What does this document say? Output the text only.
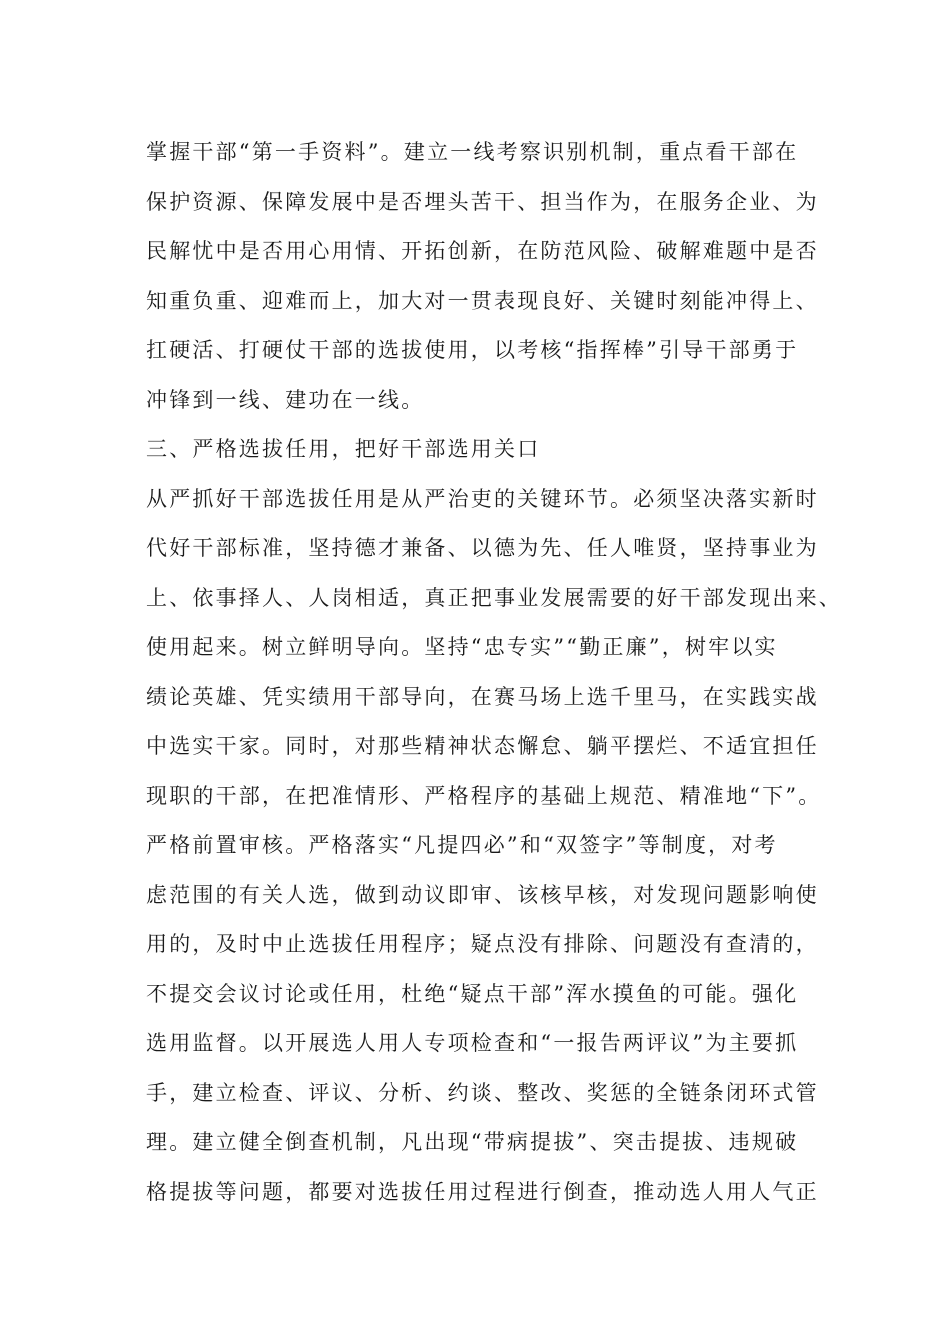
掌握干部“第一手资料”。建立一线考察识别机制，重点看干部在
保护资源、保障发展中是否埋头苦干、担当作为，在服务企业、为
民解忧中是否用心用情、开拓创新，在防范风险、破解难题中是否
知重负重、迎难而上，加大对一贯表现良好、关键时刻能冲得上、
扛硬活、打硬仗干部的选拔使用，以考核“指挥棒”引导干部勇于
冲锋到一线、建功在一线。
三、严格选拔任用，把好干部选用关口
从严抓好干部选拔任用是从严治吏的关键环节。必须坚决落实新时
代好干部标准，坚持德才兼备、以德为先、任人唯贤，坚持事业为
上、依事择人、人岗相适，真正把事业发展需要的好干部发现出来、
使用起来。树立鲜明导向。坚持“忠专实”“勤正廉”，树牢以实
绩论英雄、凭实绩用干部导向，在赛马场上选千里马，在实践实战
中选实干家。同时，对那些精神状态懈怠、躺平摆烂、不适宜担任
现职的干部，在把准情形、严格程序的基础上规范、精准地“下”。
严格前置审核。严格落实“凡提四必”和“双签字”等制度，对考
虑范围的有关人选，做到动议即审、该核早核，对发现问题影响使
用的，及时中止选拔任用程序；疑点没有排除、问题没有查清的，
不提交会议讨论或任用，杜绝“疑点干部”浑水摸鱼的可能。强化
选用监督。以开展选人用人专项检查和“一报告两评议”为主要抓
手，建立检查、评议、分析、约谈、整改、奖惩的全链条闭环式管
理。建立健全倒查机制，凡出现“带病提拔”、突击提拔、违规破
格提拔等问题，都要对选拔任用过程进行倒查，推动选人用人气正
